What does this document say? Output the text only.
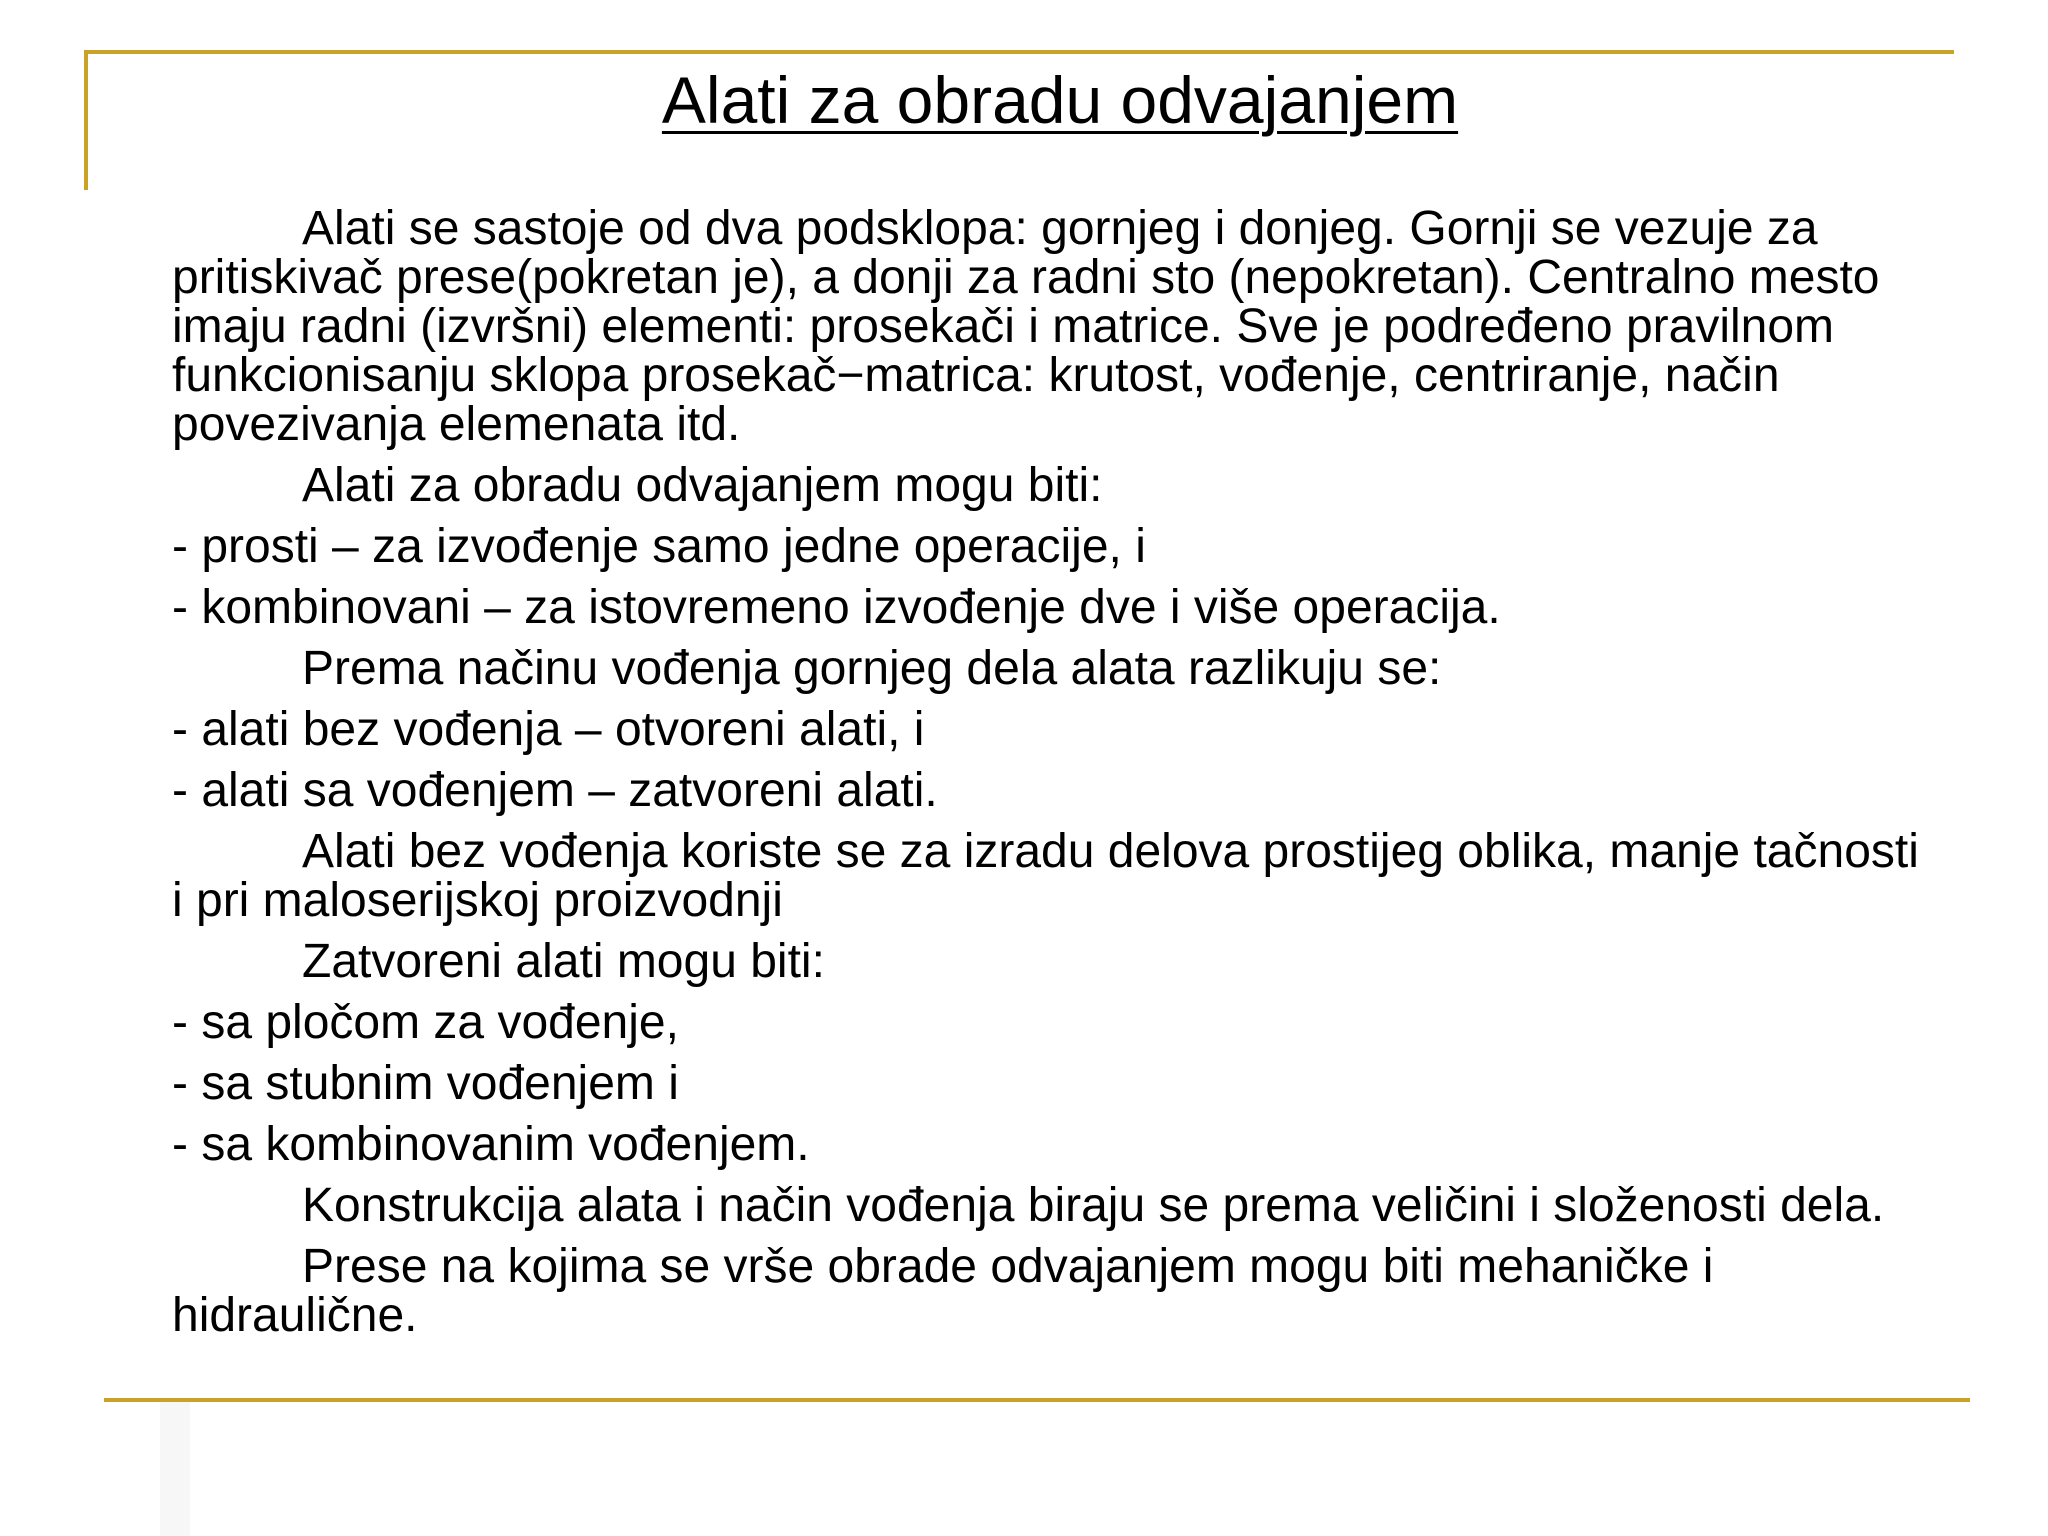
Alati za obradu odvajanjem

Alati se sastoje od dva podsklopa: gornjeg i donjeg. Gornji se vezuje za pritiskivač prese(pokretan je), a donji za radni sto (nepokretan). Centralno mesto imaju radni (izvršni) elementi: prosekači i matrice. Sve je podređeno pravilnom funkcionisanju sklopa prosekač−matrica: krutost, vođenje, centriranje, način povezivanja elemenata itd.

Alati za obradu odvajanjem mogu biti:

- prosti – za izvođenje samo jedne operacije, i

- kombinovani – za istovremeno izvođenje dve i više operacija.

Prema načinu vođenja gornjeg dela alata razlikuju se:

- alati bez vođenja – otvoreni alati, i

- alati sa vođenjem – zatvoreni alati.

Alati bez vođenja koriste se za izradu delova prostijeg oblika, manje tačnosti i pri maloserijskoj proizvodnji

Zatvoreni alati mogu biti:

- sa pločom za vođenje,

- sa stubnim vođenjem i

- sa kombinovanim vođenjem.

Konstrukcija alata i način vođenja biraju se prema veličini i složenosti dela.

Prese na kojima se vrše obrade odvajanjem mogu biti mehaničke i hidraulične.
